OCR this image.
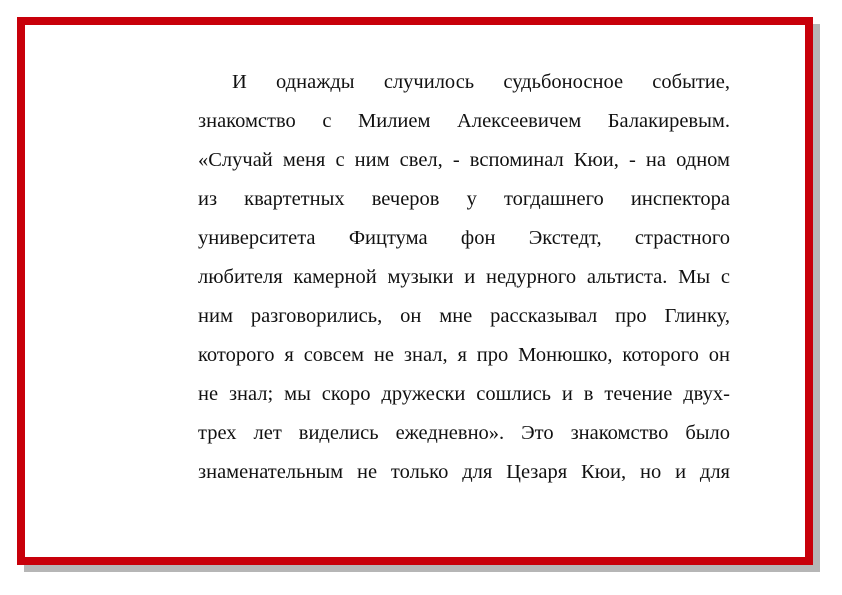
И однажды случилось судьбоносное событие,
знакомство с Милием Алексеевичем Балакиревым.
«Случай меня с ним свел, - вспоминал Кюи, - на одном
из квартетных вечеров у тогдашнего инспектора
университета Фицтума фон Экстедт, страстного
любителя камерной музыки и недурного альтиста. Мы с
ним разговорились, он мне рассказывал про Глинку,
которого я совсем не знал, я про Монюшко, которого он
не знал; мы скоро дружески сошлись и в течение двух-
трех лет виделись ежедневно». Это знакомство было
знаменательным не только для Цезаря Кюи, но и для
